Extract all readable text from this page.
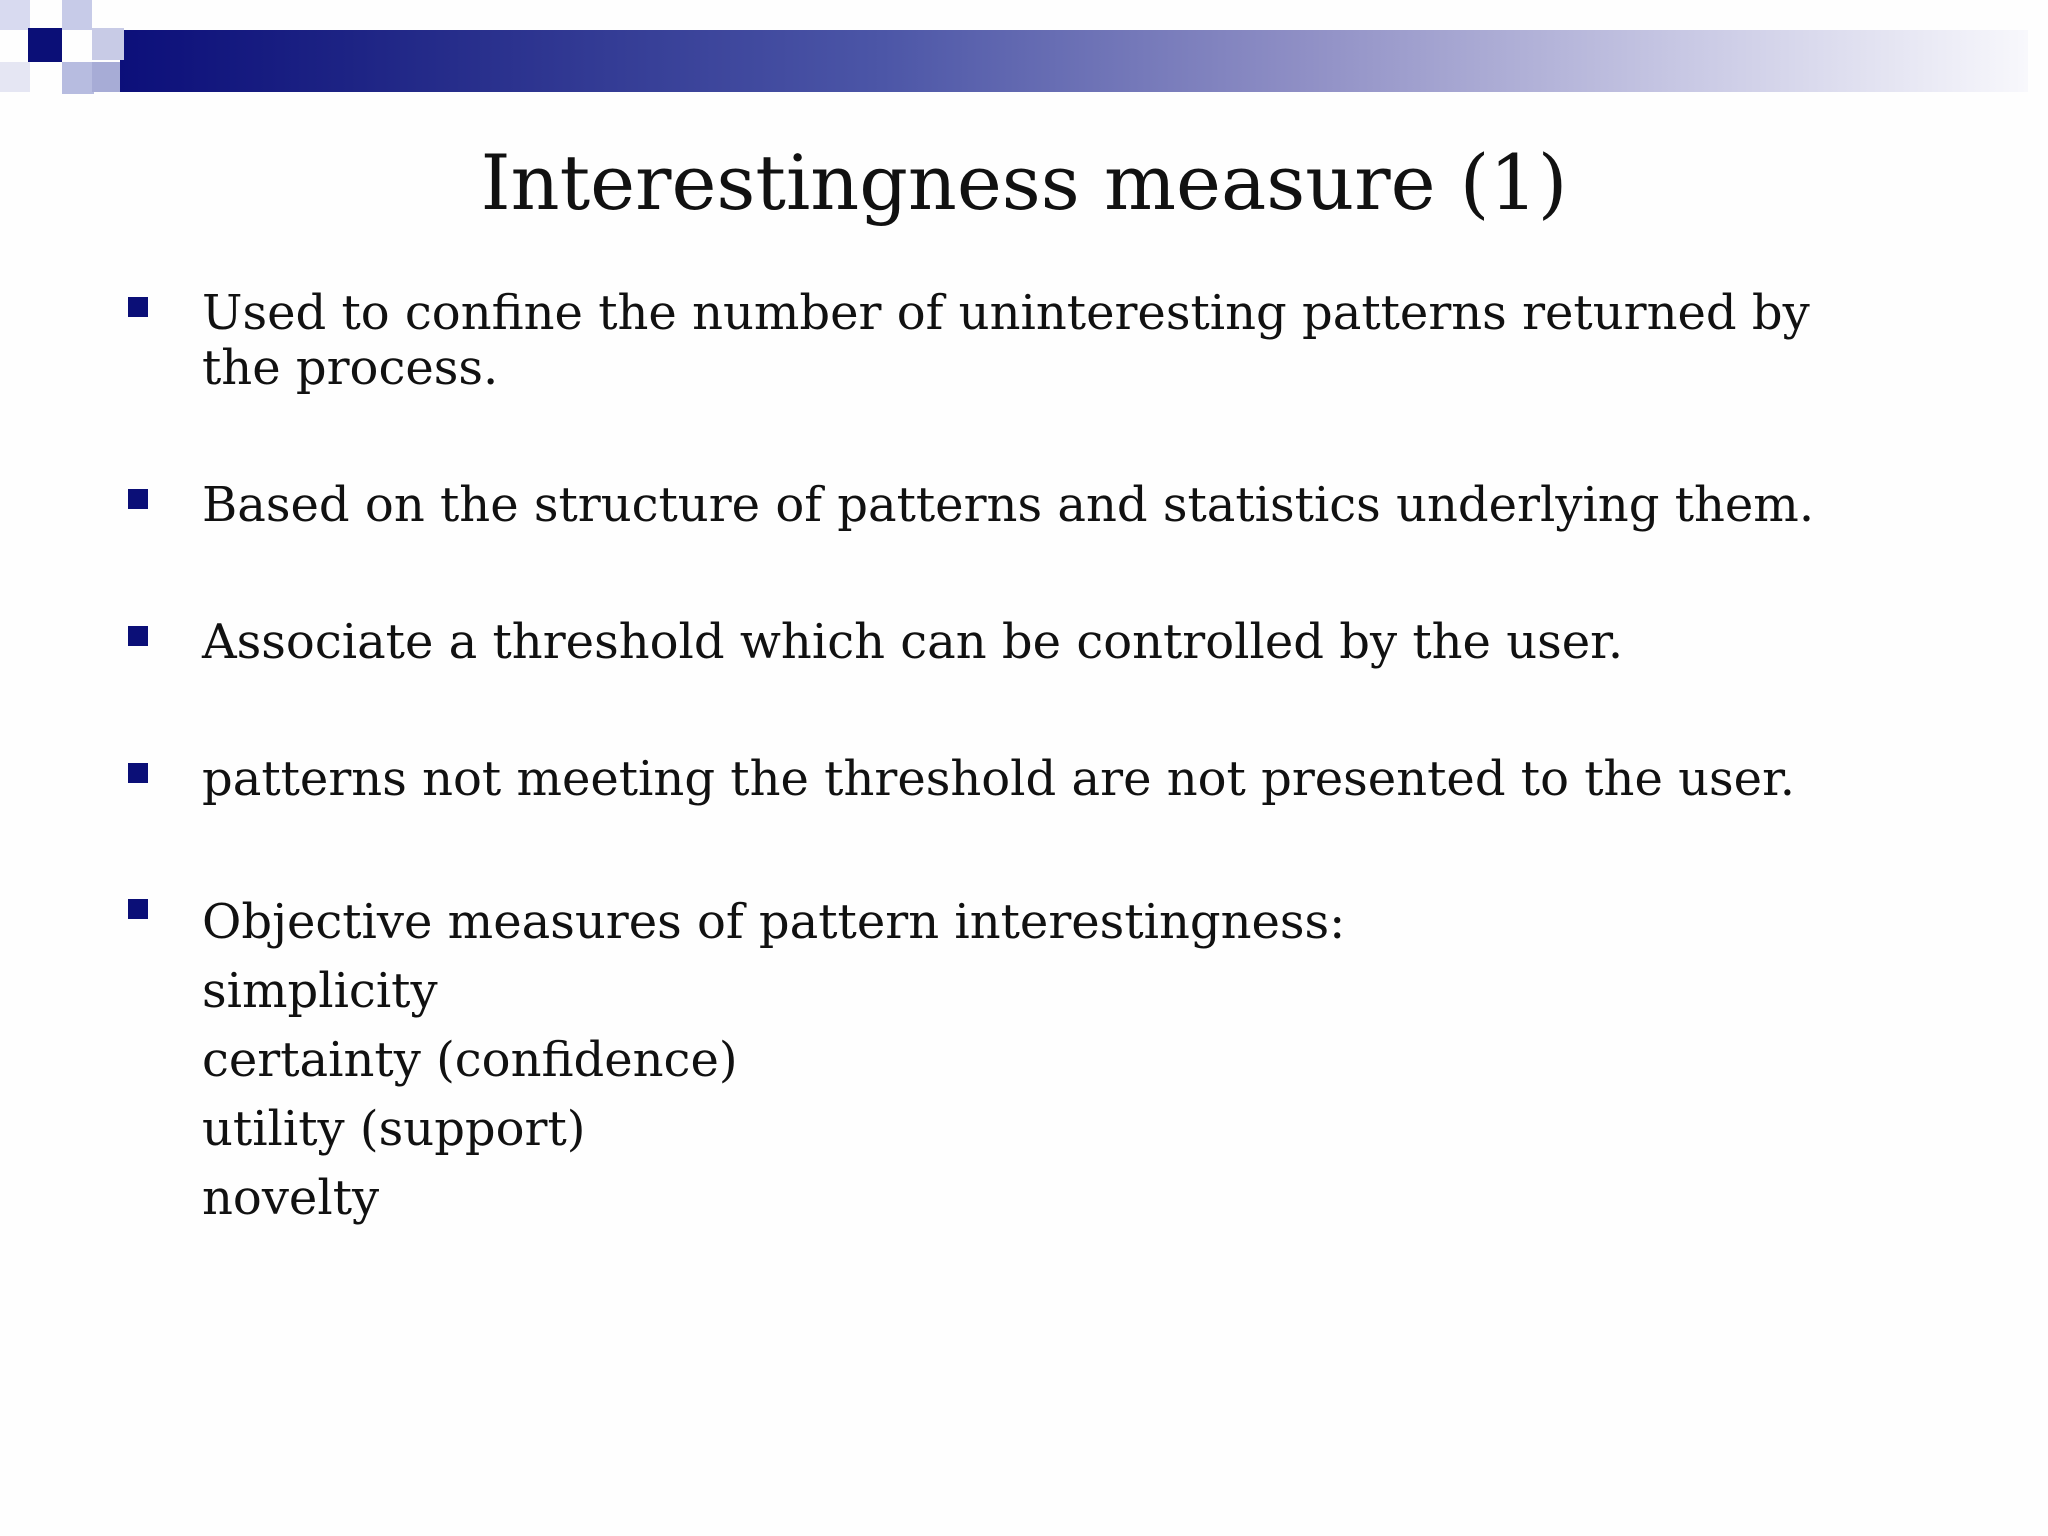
Interestingness measure (1)
Used to confine the number of uninteresting patterns returned by the process.
Based on the structure of patterns and statistics underlying them.
Associate a threshold which can be controlled by the user.
patterns not meeting the threshold are not presented to the user.
Objective measures of pattern interestingness:
simplicity
certainty (confidence)
utility (support)
novelty
